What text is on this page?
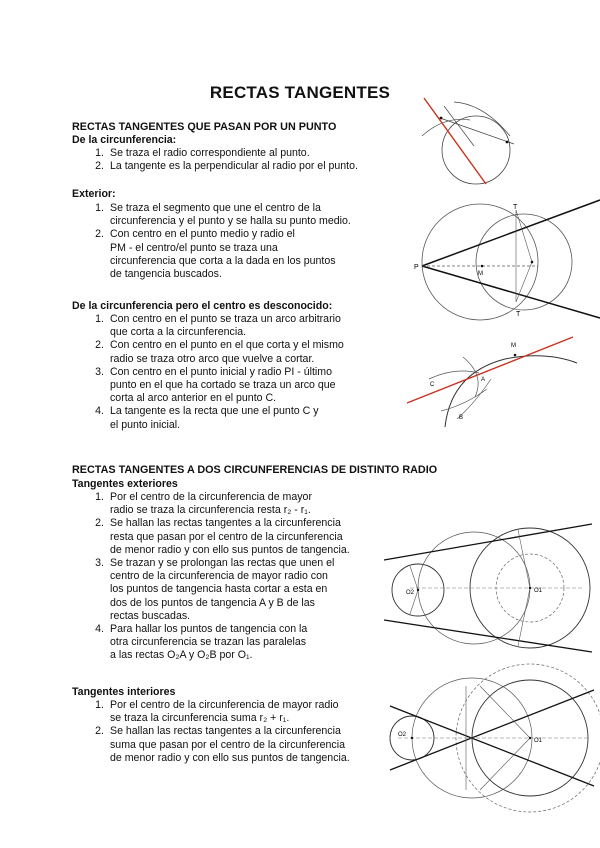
RECTAS TANGENTES
RECTAS TANGENTES QUE PASAN POR UN PUNTO
De la circunferencia:
1. Se traza el radio correspondiente al punto.
2. La tangente es la perpendicular al radio por el punto.
Exterior:
1. Se traza el segmento que une el centro de la
circunferencia y el punto y se halla su punto medio.
2. Con centro en el punto medio y radio el
PM - el centro/el punto se traza una
circunferencia que corta a la dada en los puntos
de tangencia buscados.
De la circunferencia pero el centro es desconocido:
1. Con centro en el punto se traza un arco arbitrario
que corta a la circunferencia.
2. Con centro en el punto en el que corta y el mismo
radio se traza otro arco que vuelve a cortar.
3. Con centro en el punto inicial y radio PI - último
punto en el que ha cortado se traza un arco que
corta al arco anterior en el punto C.
4. La tangente es la recta que une el punto C y
el punto inicial.
RECTAS TANGENTES A DOS CIRCUNFERENCIAS DE DISTINTO RADIO
Tangentes exteriores
1. Por el centro de la circunferencia de mayor
radio se traza la circunferencia resta r₂ - r₁.
2. Se hallan las rectas tangentes a la circunferencia
resta que pasan por el centro de la circunferencia
de menor radio y con ello sus puntos de tangencia.
3. Se trazan y se prolongan las rectas que unen el
centro de la circunferencia de mayor radio con
los puntos de tangencia hasta cortar a esta en
dos de los puntos de tangencia A y B de las
rectas buscadas.
4. Para hallar los puntos de tangencia con la
otra circunferencia se trazan las paralelas
a las rectas O₂A y O₂B por O₁.
Tangentes interiores
1. Por el centro de la circunferencia de mayor radio
se traza la circunferencia suma r₂ + r₁.
2. Se hallan las rectas tangentes a la circunferencia
suma que pasan por el centro de la circunferencia
de menor radio y con ello sus puntos de tangencia.
T
T
P
M
M
C
A
B
O2	O1
O2
O1
